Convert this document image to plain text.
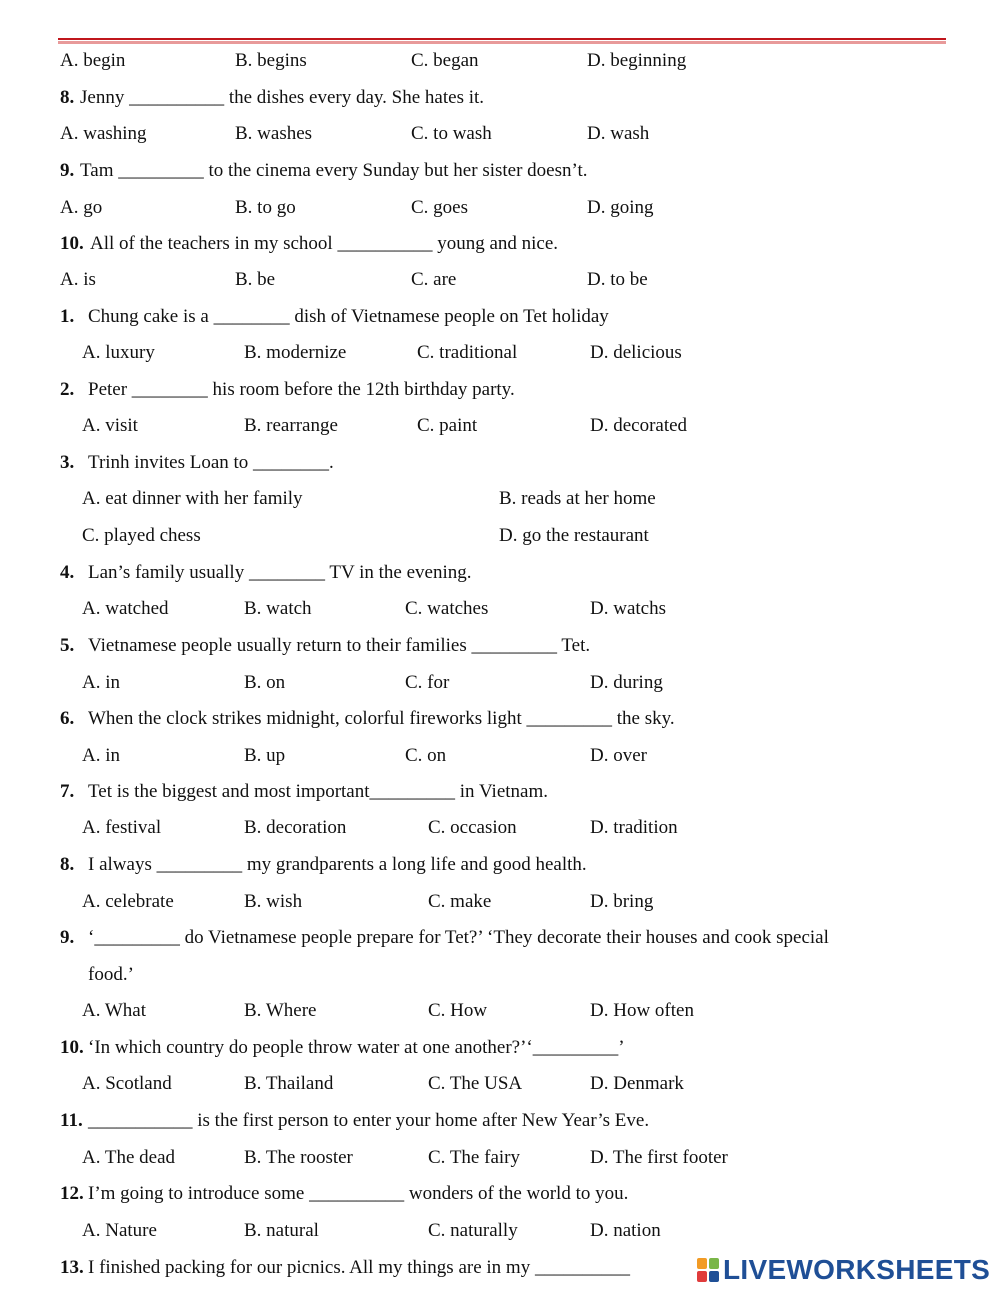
A. begin	B. begins	C. began	D. beginning
8. Jenny __________ the dishes every day. She hates it.
A. washing	B. washes	C. to wash	D. wash
9. Tam _________ to the cinema every Sunday but her sister doesn’t.
A. go	B. to go	C. goes	D. going
10. All of the teachers in my school __________ young and nice.
A. is	B. be	C. are	D. to be
1. Chung cake is a ________ dish of Vietnamese people on Tet holiday
A. luxury	B. modernize	C. traditional	D. delicious
2. Peter ________ his room before the 12th birthday party.
A. visit	B. rearrange	C. paint	D. decorated
3. Trinh invites Loan to ________.
A. eat dinner with her family	B. reads at her home
C. played chess	D. go the restaurant
4. Lan’s family usually ________ TV in the evening.
A. watched	B. watch	C. watches	D. watchs
5. Vietnamese people usually return to their families _________ Tet.
A. in	B. on	C. for	D. during
6. When the clock strikes midnight, colorful fireworks light _________ the sky.
A. in	B. up	C. on	D. over
7. Tet is the biggest and most important_________ in Vietnam.
A. festival	B. decoration	C. occasion	D. tradition
8. I always _________ my grandparents a long life and good health.
A. celebrate	B. wish	C. make	D. bring
9. ‘_________ do Vietnamese people prepare for Tet?’ ‘They decorate their houses and cook special
food.’
A. What	B. Where	C. How	D. How often
10. ‘In which country do people throw water at one another?’‘_________’
A. Scotland	B. Thailand	C. The USA	D. Denmark
11. ___________ is the first person to enter your home after New Year’s Eve.
A. The dead	B. The rooster	C. The fairy	D. The first footer
12. I’m going to introduce some __________ wonders of the world to you.
A. Nature	B. natural	C. naturally	D. nation
13. I finished packing for our picnics. All my things are in my __________	LIVEWORKSHEETS
